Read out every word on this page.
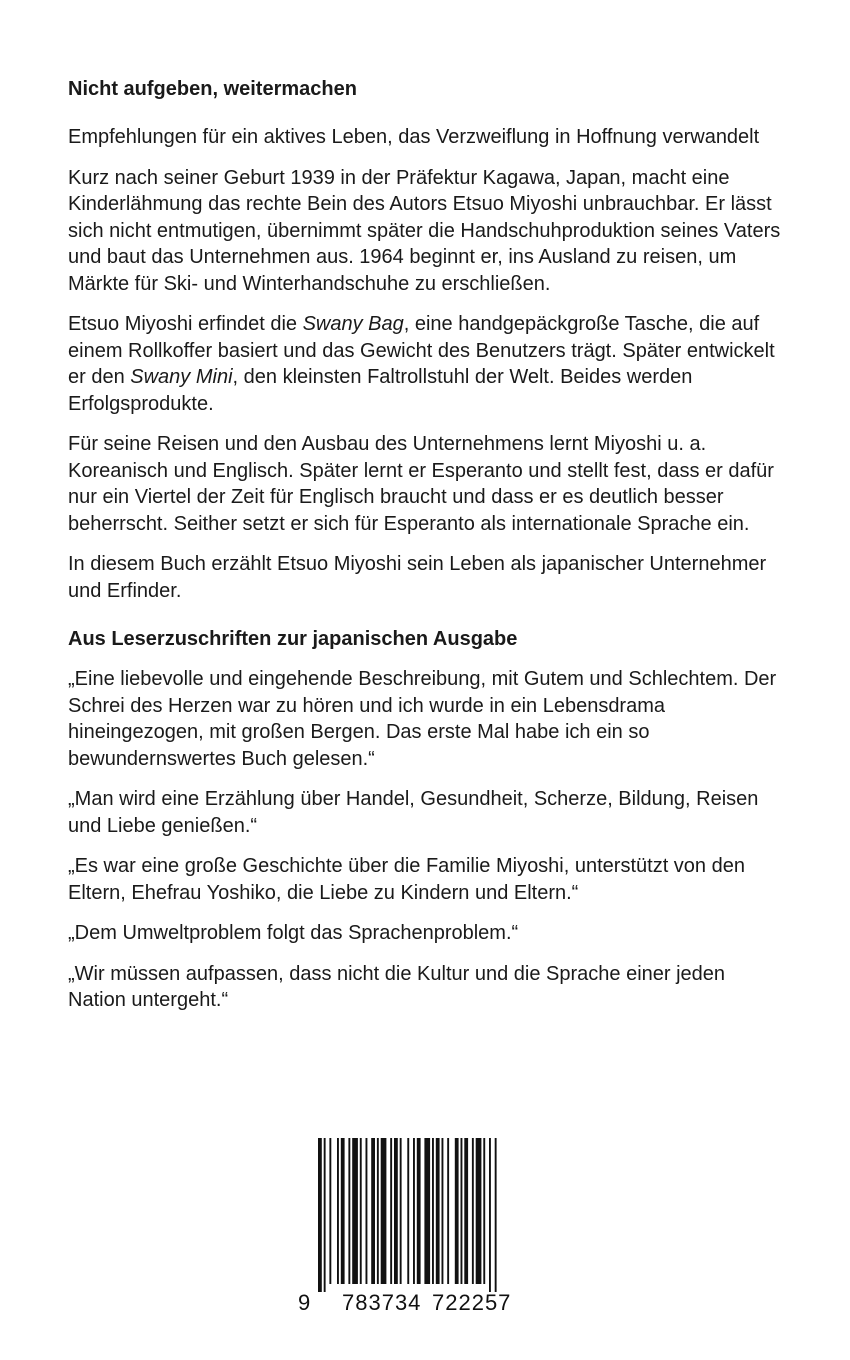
Nicht aufgeben, weitermachen

Empfehlungen für ein aktives Leben, das Verzweiflung in Hoffnung verwandelt

Kurz nach seiner Geburt 1939 in der Präfektur Kagawa, Japan, macht eine Kinderlähmung das rechte Bein des Autors Etsuo Miyoshi unbrauchbar. Er lässt sich nicht entmutigen, übernimmt später die Handschuhproduktion seines Vaters und baut das Unternehmen aus. 1964 beginnt er, ins Ausland zu reisen, um Märkte für Ski- und Winterhandschuhe zu erschließen.

Etsuo Miyoshi erfindet die Swany Bag, eine handgepäckgroße Tasche, die auf einem Rollkoffer basiert und das Gewicht des Benutzers trägt. Später entwickelt er den Swany Mini, den kleinsten Faltrollstuhl der Welt. Beides werden Erfolgsprodukte.

Für seine Reisen und den Ausbau des Unternehmens lernt Miyoshi u. a. Koreanisch und Englisch. Später lernt er Esperanto und stellt fest, dass er dafür nur ein Viertel der Zeit für Englisch braucht und dass er es deutlich besser beherrscht. Seither setzt er sich für Esperanto als internationale Sprache ein.

In diesem Buch erzählt Etsuo Miyoshi sein Leben als japanischer Unternehmer und Erfinder.

Aus Leserzuschriften zur japanischen Ausgabe

„Eine liebevolle und eingehende Beschreibung, mit Gutem und Schlechtem. Der Schrei des Herzen war zu hören und ich wurde in ein Lebensdrama hineingezogen, mit großen Bergen. Das erste Mal habe ich ein so bewundernswertes Buch gelesen.“

„Man wird eine Erzählung über Handel, Gesundheit, Scherze, Bildung, Reisen und Liebe genießen.“

„Es war eine große Geschichte über die Familie Miyoshi, unterstützt von den Eltern, Ehefrau Yoshiko, die Liebe zu Kindern und Eltern.“

„Dem Umweltproblem folgt das Sprachenproblem.“

„Wir müssen aufpassen, dass nicht die Kultur und die Sprache einer jeden Nation untergeht.“

9 783734 722257
